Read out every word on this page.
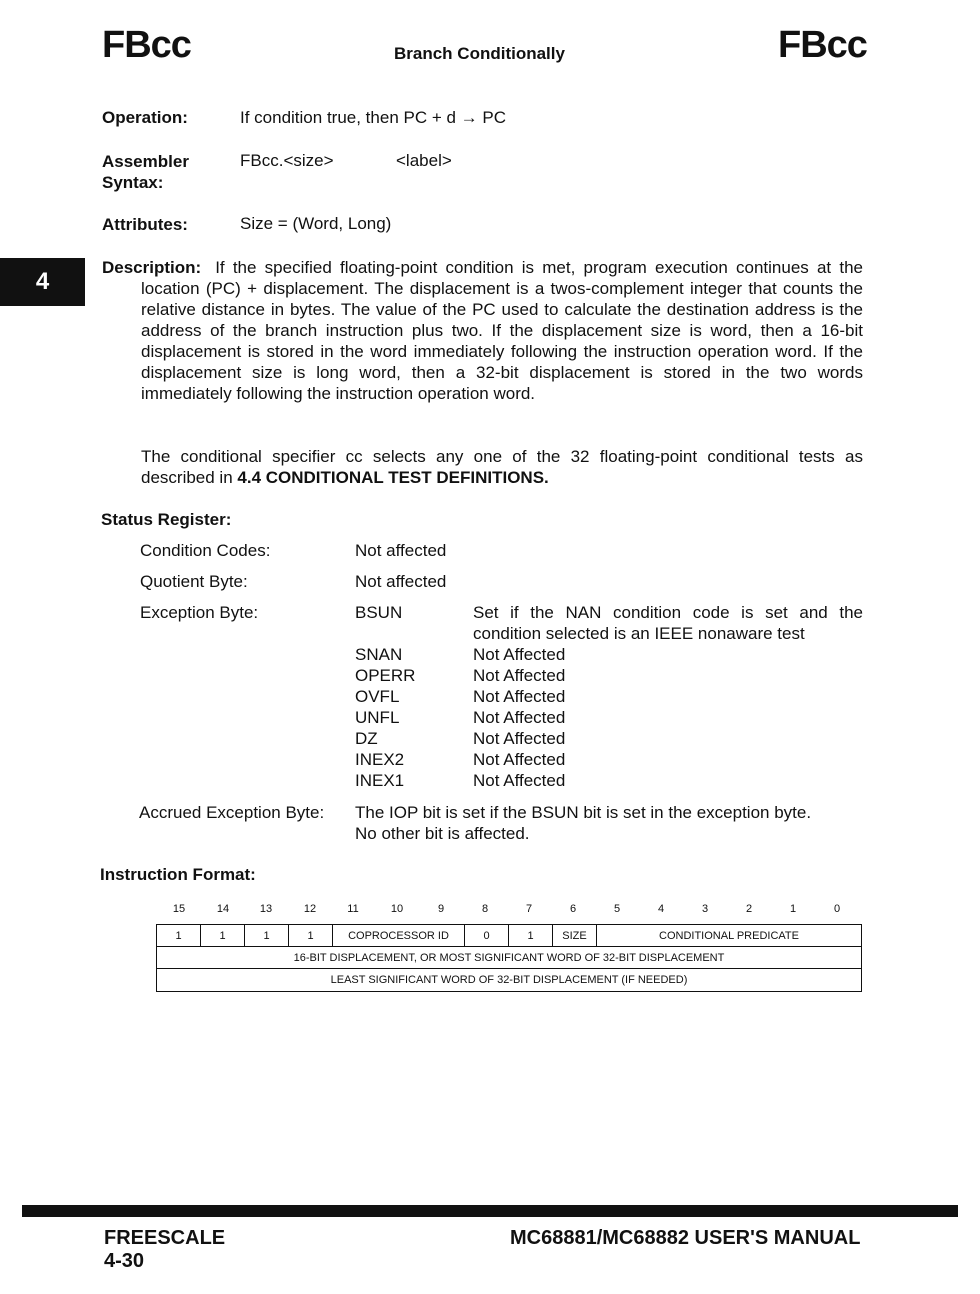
FBcc	Branch Conditionally	FBcc
4
Operation:	If condition true, then PC + d → PC
Assembler
Syntax:
FBcc.<size>	<label>
Attributes:	Size = (Word, Long)
Description: If the specified floating-point condition is met, program execution continues at the location (PC) + displacement. The displacement is a twos-complement integer that counts the relative distance in bytes. The value of the PC used to calculate the destination address is the address of the branch instruction plus two. If the displacement size is word, then a 16-bit displacement is stored in the word immediately following the instruction operation word. If the displacement size is long word, then a 32-bit displacement is stored in the two words immediately following the instruction operation word.
The conditional specifier cc selects any one of the 32 floating-point conditional tests as described in 4.4 CONDITIONAL TEST DEFINITIONS.
Status Register:
Condition Codes:	Not affected
Quotient Byte:	Not affected
Exception Byte:	BSUN	Set if the NAN condition code is set and the condition selected is an IEEE nonaware test
SNAN	Not Affected
OPERR	Not Affected
OVFL	Not Affected
UNFL	Not Affected
DZ	Not Affected
INEX2	Not Affected
INEX1	Not Affected
Accrued Exception Byte: The IOP bit is set if the BSUN bit is set in the exception byte.
No other bit is affected.
Instruction Format:
15	14	13	12	11	10	9	8	7	6	5	4	3	2	1	0
1	1	1	1	COPROCESSOR ID	0	1	SIZE	CONDITIONAL PREDICATE
16-BIT DISPLACEMENT, OR MOST SIGNIFICANT WORD OF 32-BIT DISPLACEMENT
LEAST SIGNIFICANT WORD OF 32-BIT DISPLACEMENT (IF NEEDED)
FREESCALE
4-30
MC68881/MC68882 USER'S MANUAL
